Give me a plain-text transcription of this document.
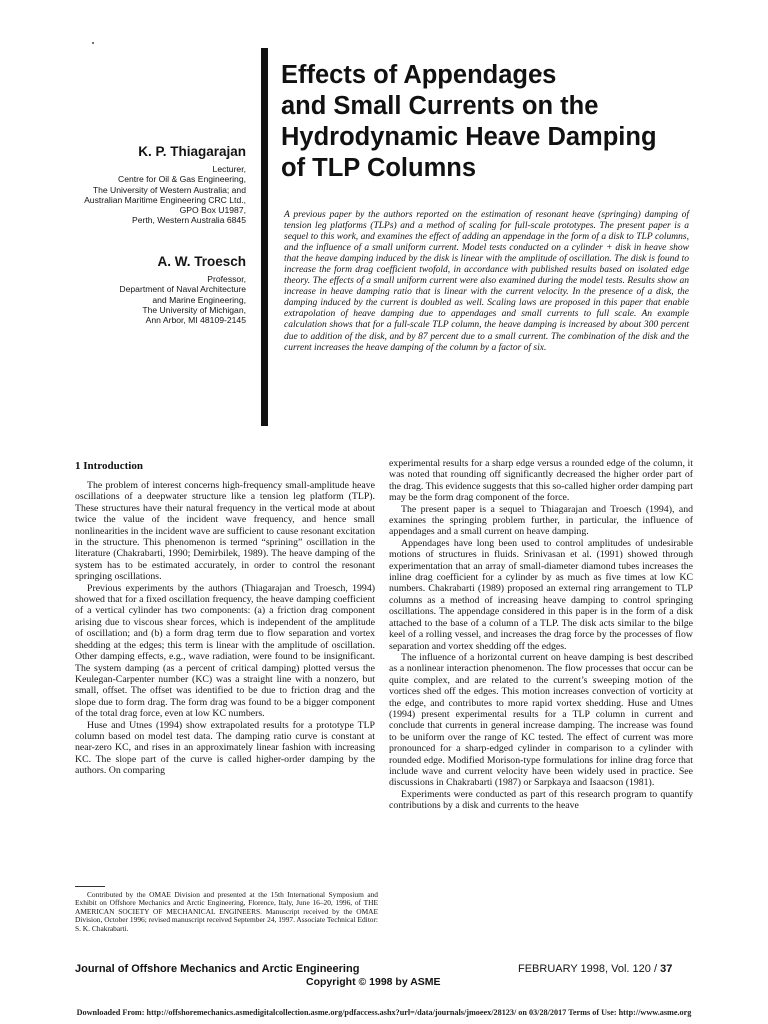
Effects of Appendages
and Small Currents on the
Hydrodynamic Heave Damping
of TLP Columns
K. P. Thiagarajan
Lecturer,
Centre for Oil & Gas Engineering,
The University of Western Australia; and
Australian Maritime Engineering CRC Ltd.,
GPO Box U1987,
Perth, Western Australia 6845
A. W. Troesch
Professor,
Department of Naval Architecture
and Marine Engineering,
The University of Michigan,
Ann Arbor, MI 48109-2145

A previous paper by the authors reported on the estimation of resonant heave (springing) damping of tension leg platforms (TLPs) and a method of scaling for full-scale prototypes. The present paper is a sequel to this work, and examines the effect of adding an appendage in the form of a disk to TLP columns, and the influence of a small uniform current. Model tests conducted on a cylinder + disk in heave show that the heave damping induced by the disk is linear with the amplitude of oscillation. The disk is found to increase the form drag coefficient twofold, in accordance with published results based on isolated edge theory. The effects of a small uniform current were also examined during the model tests. Results show an increase in heave damping ratio that is linear with the current velocity. In the presence of a disk, the damping induced by the current is doubled as well. Scaling laws are proposed in this paper that enable extrapolation of heave damping due to appendages and small currents to full scale. An example calculation shows that for a full-scale TLP column, the heave damping is increased by about 300 percent due to addition of the disk, and by 87 percent due to a small current. The combination of the disk and the current increases the heave damping of the column by a factor of six.

1 Introduction

The problem of interest concerns high-frequency small-amplitude heave oscillations of a deepwater structure like a tension leg platform (TLP). These structures have their natural frequency in the vertical mode at about twice the value of the incident wave frequency, and hence small nonlinearities in the incident wave are sufficient to cause resonant excitation in the structure. This phenomenon is termed “sprining” oscillation in the literature (Chakrabarti, 1990; Demirbilek, 1989). The heave damping of the system has to be estimated accurately, in order to control the resonant springing oscillations.

Previous experiments by the authors (Thiagarajan and Troesch, 1994) showed that for a fixed oscillation frequency, the heave damping coefficient of a vertical cylinder has two components: (a) a friction drag component arising due to viscous shear forces, which is independent of the amplitude of oscillation; and (b) a form drag term due to flow separation and vortex shedding at the edges; this term is linear with the amplitude of oscillation. Other damping effects, e.g., wave radiation, were found to be insignificant. The system damping (as a percent of critical damping) plotted versus the Keulegan-Carpenter number (KC) was a straight line with a nonzero, but small, offset. The offset was identified to be due to friction drag and the slope due to form drag. The form drag was found to be a bigger component of the total drag force, even at low KC numbers.

Huse and Utnes (1994) show extrapolated results for a prototype TLP column based on model test data. The damping ratio curve is constant at near-zero KC, and rises in an approximately linear fashion with increasing KC. The slope part of the curve is called higher-order damping by the authors. On comparing

experimental results for a sharp edge versus a rounded edge of the column, it was noted that rounding off significantly decreased the higher order part of the drag. This evidence suggests that this so-called higher order damping part may be the form drag component of the force.

The present paper is a sequel to Thiagarajan and Troesch (1994), and examines the springing problem further, in particular, the influence of appendages and a small current on heave damping.

Appendages have long been used to control amplitudes of undesirable motions of structures in fluids. Srinivasan et al. (1991) showed through experimentation that an array of small-diameter diamond tubes increases the inline drag coefficient for a cylinder by as much as five times at low KC numbers. Chakrabarti (1989) proposed an external ring arrangement to TLP columns as a method of increasing heave damping to control springing oscillations. The appendage considered in this paper is in the form of a disk attached to the base of a column of a TLP. The disk acts similar to the bilge keel of a rolling vessel, and increases the drag force by the processes of flow separation and vortex shedding off the edges.

The influence of a horizontal current on heave damping is best described as a nonlinear interaction phenomenon. The flow processes that occur can be quite complex, and are related to the current’s sweeping motion of the vortices shed off the edges. This motion increases convection of vorticity at the edge, and contributes to more rapid vortex shedding. Huse and Utnes (1994) present experimental results for a TLP column in current and conclude that currents in general increase damping. The increase was found to be uniform over the range of KC tested. The effect of current was more pronounced for a sharp-edged cylinder in comparison to a cylinder with rounded edge. Modified Morison-type formulations for inline drag force that include wave and current velocity have been widely used in practice. See discussions in Chakrabarti (1987) or Sarpkaya and Isaacson (1981).

Experiments were conducted as part of this research program to quantify contributions by a disk and currents to the heave

Contributed by the OMAE Division and presented at the 15th International Symposium and Exhibit on Offshore Mechanics and Arctic Engineering, Florence, Italy, June 16–20, 1996, of THE AMERICAN SOCIETY OF MECHANICAL ENGINEERS. Manuscript received by the OMAE Division, October 1996; revised manuscript received September 24, 1997. Associate Technical Editor: S. K. Chakrabarti.

Journal of Offshore Mechanics and Arctic Engineering	FEBRUARY 1998, Vol. 120 / 37
Copyright © 1998 by ASME
Downloaded From: http://offshoremechanics.asmedigitalcollection.asme.org/pdfaccess.ashx?url=/data/journals/jmoeex/28123/ on 03/28/2017 Terms of Use: http://www.asme.org
